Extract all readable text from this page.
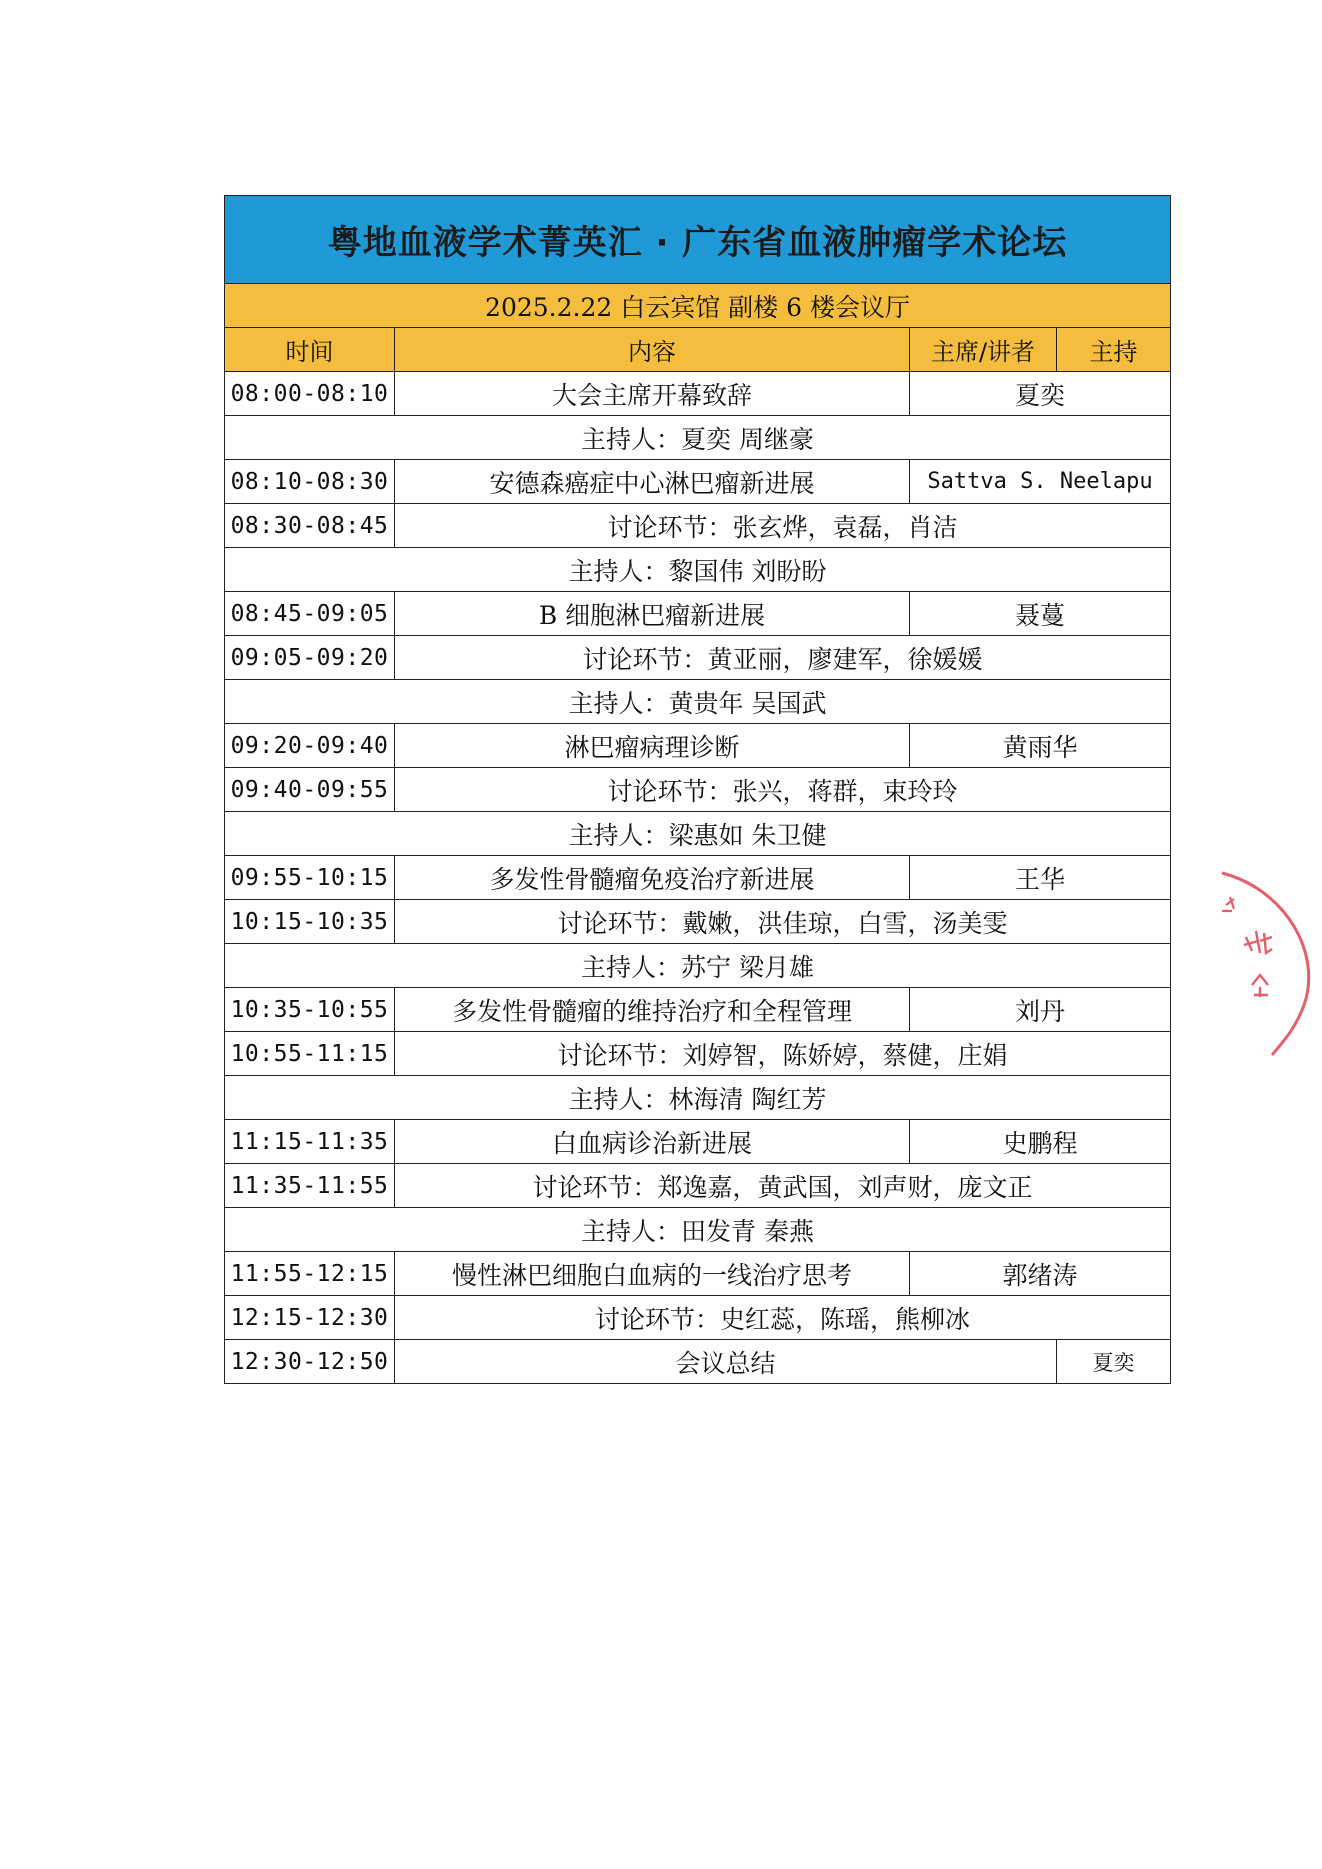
粤地血液学术菁英汇 · 广东省血液肿瘤学术论坛			
2025.2.22 白云宾馆 副楼 6 楼会议厅			
时间	内容	主席/讲者	主持
08:00-08:10	大会主席开幕致辞	夏奕	
主持人：夏奕 周继豪			
08:10-08:30	安德森癌症中心淋巴瘤新进展	Sattva S. Neelapu	
08:30-08:45	讨论环节：张玄烨，袁磊，肖洁		
主持人：黎国伟 刘盼盼			
08:45-09:05	B 细胞淋巴瘤新进展	聂蔓	
09:05-09:20	讨论环节：黄亚丽，廖建军，徐媛媛		
主持人：黄贵年 吴国武			
09:20-09:40	淋巴瘤病理诊断	黄雨华	
09:40-09:55	讨论环节：张兴，蒋群，束玲玲		
主持人：梁惠如 朱卫健			
09:55-10:15	多发性骨髓瘤免疫治疗新进展	王华	
10:15-10:35	讨论环节：戴嫩，洪佳琼，白雪，汤美雯		
主持人：苏宁 梁月雄			
10:35-10:55	多发性骨髓瘤的维持治疗和全程管理	刘丹	
10:55-11:15	讨论环节：刘婷智，陈娇婷，蔡健，庄娟		
主持人：林海清 陶红芳			
11:15-11:35	白血病诊治新进展	史鹏程	
11:35-11:55	讨论环节：郑逸嘉，黄武国，刘声财，庞文正		
主持人：田发青 秦燕			
11:55-12:15	慢性淋巴细胞白血病的一线治疗思考	郭绪涛	
12:15-12:30	讨论环节：史红蕊，陈瑶，熊柳冰		
12:30-12:50	会议总结		夏奕
